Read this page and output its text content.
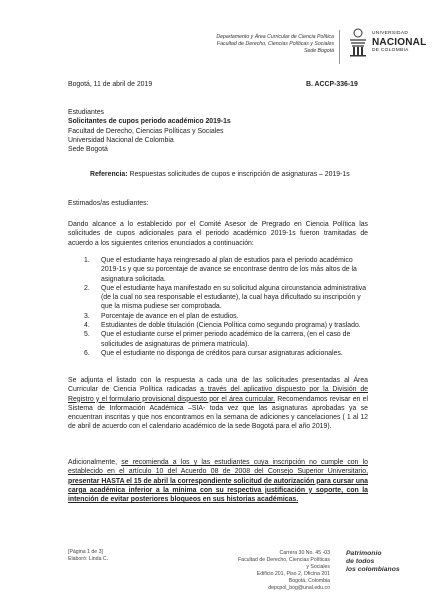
Departamento y Área Curricular de Ciencia Política
Facultad de Derecho, Ciencias Políticas y Sociales
Sede Bogotá
UNIVERSIDAD
NACIONAL
DE COLOMBIA
Bogotá, 11 de abril de 2019	B. ACCP-336-19
Estudiantes
Solicitantes de cupos periodo académico 2019-1s
Facultad de Derecho, Ciencias Políticas y Sociales
Universidad Nacional de Colombia
Sede Bogotá
Referencia: Respuestas solicitudes de cupos e inscripción de asignaturas – 2019-1s
Estimados/as estudiantes:
Dando alcance a lo establecido por el Comité Asesor de Pregrado en Ciencia Política las solicitudes de cupos adicionales para el periodo académico 2019-1s fueron tramitadas de acuerdo a los siguientes criterios enunciados a continuación:
1. Que el estudiante haya reingresado al plan de estudios para el periodo académico 2019-1s y que su porcentaje de avance se encontrase dentro de los más altos de la asignatura solicitada.
2. Que el estudiante haya manifestado en su solicitud alguna circunstancia administrativa (de la cual no sea responsable el estudiante), la cual haya dificultado su inscripción y que la misma pudiese ser comprobada.
3. Porcentaje de avance en el plan de estudios.
4. Estudiantes de doble titulación (Ciencia Política como segundo programa) y traslado.
5. Que el estudiante curse el primer periodo académico de la carrera, (en el caso de solicitudes de asignaturas de primera matricula).
6. Que el estudiante no disponga de créditos para cursar asignaturas adicionales.
Se adjunta el listado con la respuesta a cada una de las solicitudes presentadas al Área Curricular de Ciencia Política radicadas a través del aplicativo dispuesto por la División de Registro y el formulario provisional dispuesto por el área curricular. Recomendamos revisar en el Sistema de Información Académica –SIA- toda vez que las asignaturas aprobadas ya se encuentran inscritas y que nos encontramos en la semana de adiciones y cancelaciones ( 1 al 12 de abril de acuerdo con el calendario académico de la sede Bogotá para el año 2019).
Adicionalmente, se recomienda a los y las estudiantes cuya inscripción no cumple con lo establecido en el artículo 10 del Acuerdo 08 de 2008 del Consejo Superior Universitario, presentar HASTA el 15 de abril la correspondiente solicitud de autorización para cursar una carga académica inferior a la mínima con su respectiva justificación y soporte, con la intención de evitar posteriores bloqueos en sus historias académicas.
[Página 1 de 3]
Elaboró: Linda C.
Carrera 30 No. 45 -03
Facultad de Derecho, Ciencias Políticas y Sociales
Edificio 201, Piso 2, Oficina 201
Bogotá, Colombia
depcpol_bog@unal.edu.co
Patrimonio
de todos
los colombianos
